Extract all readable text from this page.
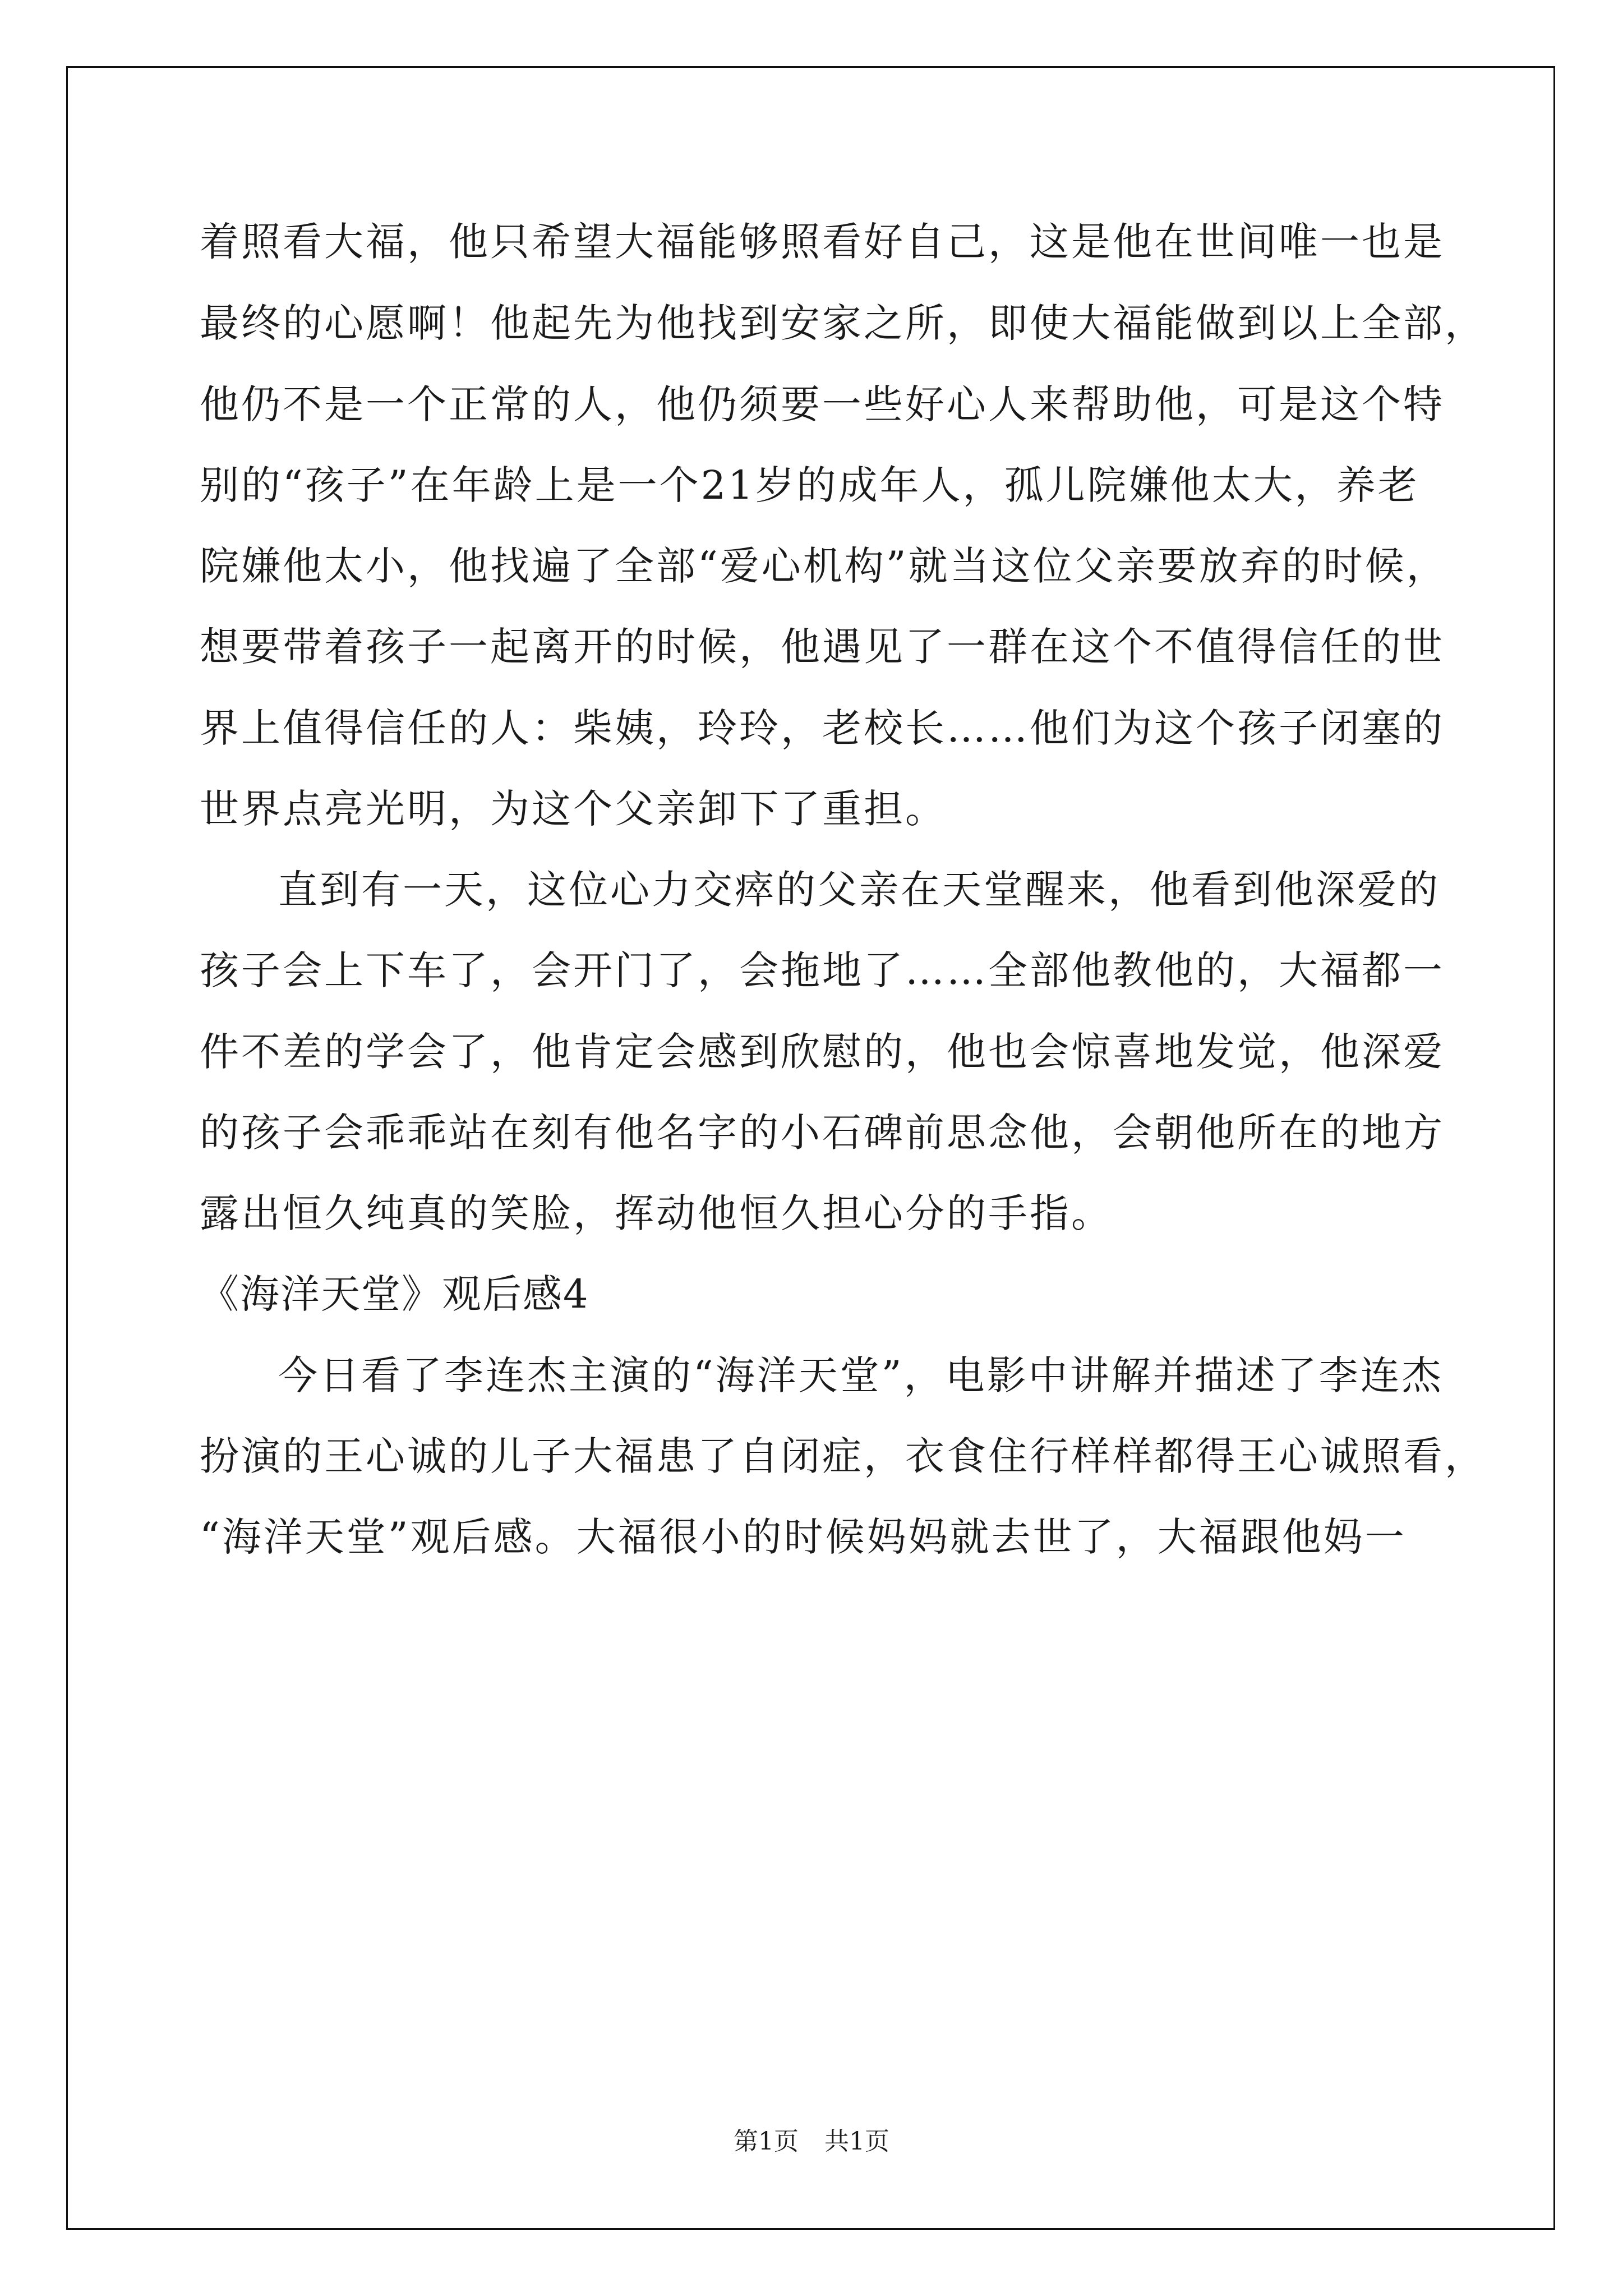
着照看大福，他只希望大福能够照看好自己，这是他在世间唯一也是
最终的心愿啊！他起先为他找到安家之所，即使大福能做到以上全部，
他仍不是一个正常的人，他仍须要一些好心人来帮助他，可是这个特
别的“孩子”在年龄上是一个21岁的成年人，孤儿院嫌他太大，养老
院嫌他太小，他找遍了全部“爱心机构”就当这位父亲要放弃的时候，
想要带着孩子一起离开的时候，他遇见了一群在这个不值得信任的世
界上值得信任的人：柴姨，玲玲，老校长……他们为这个孩子闭塞的
世界点亮光明，为这个父亲卸下了重担。
直到有一天，这位心力交瘁的父亲在天堂醒来，他看到他深爱的
孩子会上下车了，会开门了，会拖地了……全部他教他的，大福都一
件不差的学会了，他肯定会感到欣慰的，他也会惊喜地发觉，他深爱
的孩子会乖乖站在刻有他名字的小石碑前思念他，会朝他所在的地方
露出恒久纯真的笑脸，挥动他恒久担心分的手指。
《海洋天堂》观后感4
今日看了李连杰主演的“海洋天堂”，电影中讲解并描述了李连杰
扮演的王心诚的儿子大福患了自闭症，衣食住行样样都得王心诚照看，
“海洋天堂”观后感。大福很小的时候妈妈就去世了，大福跟他妈一
第1页 共1页
